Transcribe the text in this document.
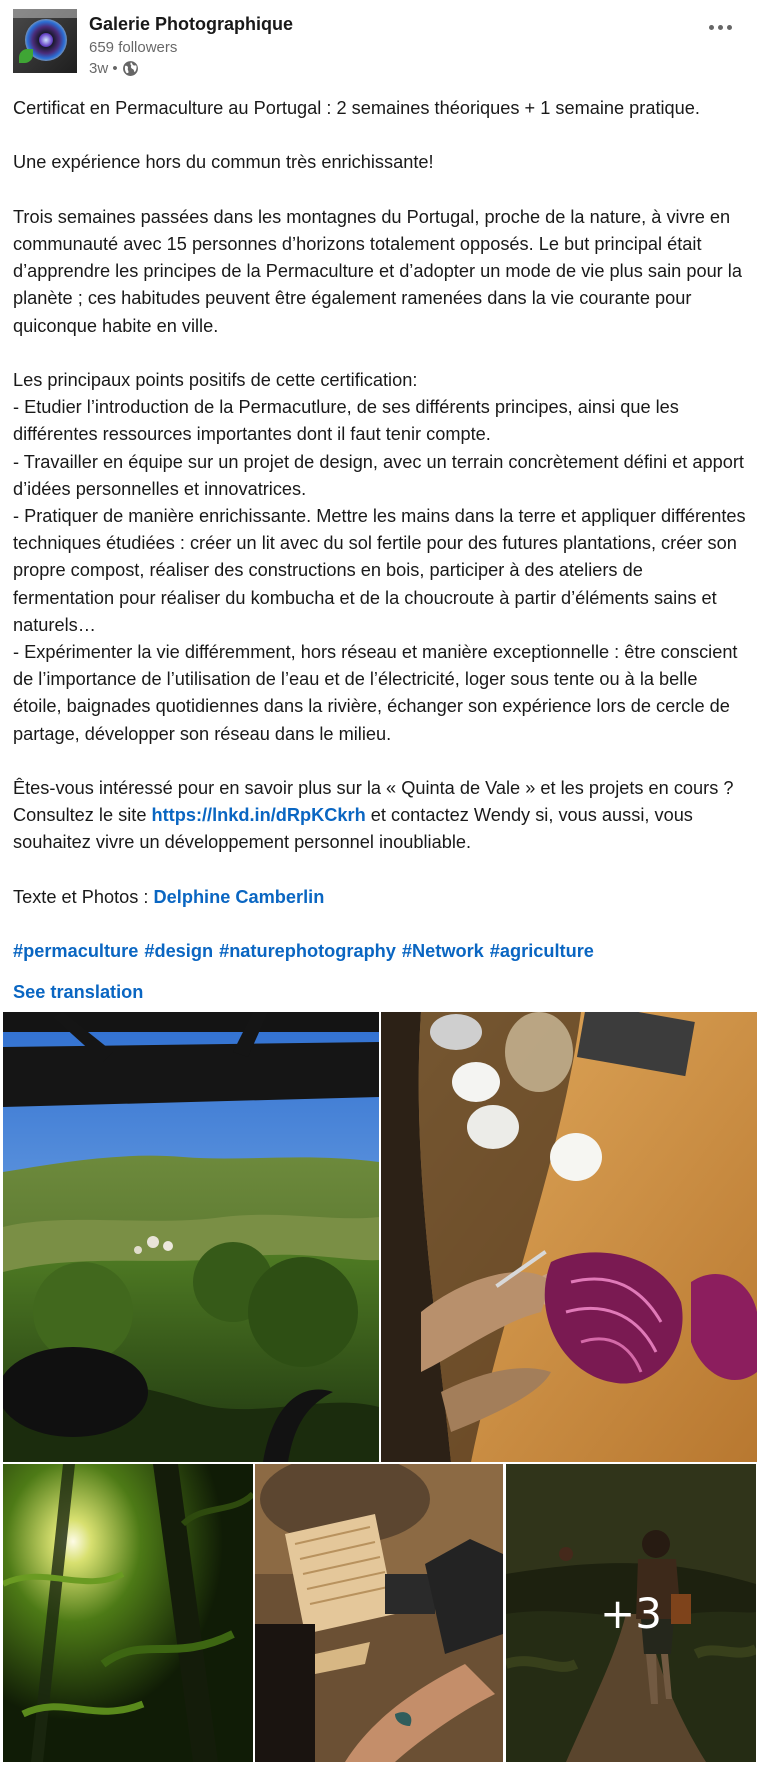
Galerie Photographique
659 followers
3w •

Certificat en Permaculture au Portugal : 2 semaines théoriques + 1 semaine pratique.

Une expérience hors du commun très enrichissante!

Trois semaines passées dans les montagnes du Portugal, proche de la nature, à vivre en communauté avec 15 personnes d’horizons totalement opposés. Le but principal était d’apprendre les principes de la Permaculture et d’adopter un mode de vie plus sain pour la planète ; ces habitudes peuvent être également ramenées dans la vie courante pour quiconque habite en ville.

Les principaux points positifs de cette certification:

- Etudier l’introduction de la Permacutlure, de ses différents principes, ainsi que les différentes ressources importantes dont il faut tenir compte.

- Travailler en équipe sur un projet de design, avec un terrain concrètement défini et apport d’idées personnelles et innovatrices.

- Pratiquer de manière enrichissante. Mettre les mains dans la terre et appliquer différentes techniques étudiées : créer un lit avec du sol fertile pour des futures plantations, créer son propre compost, réaliser des constructions en bois, participer à des ateliers de fermentation pour réaliser du kombucha et de la choucroute à partir d’éléments sains et naturels…

- Expérimenter la vie différemment, hors réseau et manière exceptionnelle : être conscient de l’importance de l’utilisation de l’eau et de l’électricité, loger sous tente ou à la belle étoile, baignades quotidiennes dans la rivière, échanger son expérience lors de cercle de partage, développer son réseau dans le milieu.

Êtes-vous intéressé pour en savoir plus sur la « Quinta de Vale » et les projets en cours ? Consultez le site https://lnkd.in/dRpKCkrh et contactez Wendy si, vous aussi, vous souhaitez vivre un développement personnel inoubliable.

Texte et Photos : Delphine Camberlin

#permaculture #design #naturephotography #Network #agriculture

See translation
+3
